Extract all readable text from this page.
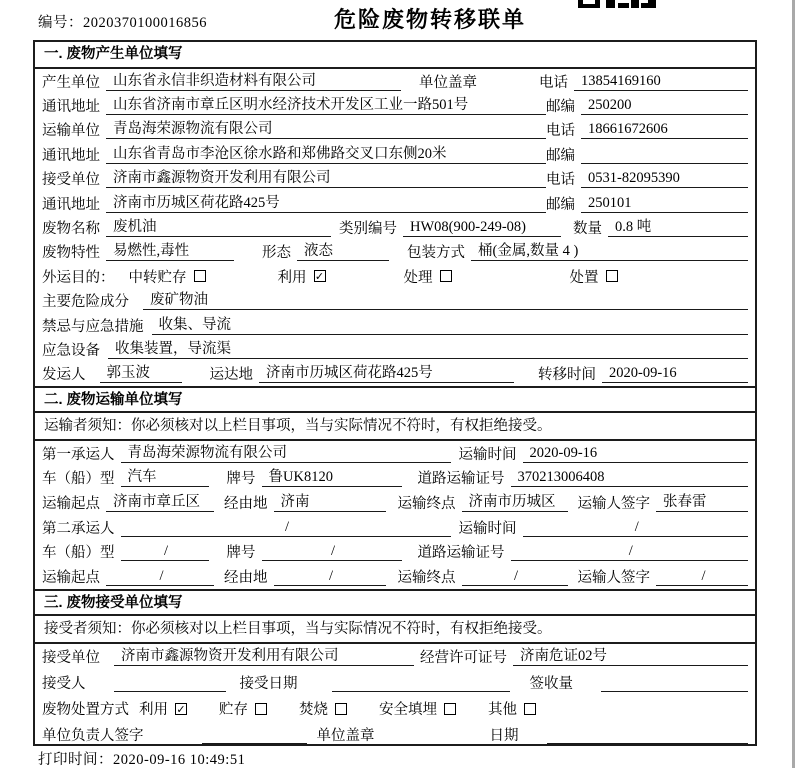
编号：2020370100016856	危险废物转移联单
一. 废物产生单位填写
产生单位 山东省永信非织造材料有限公司	单位盖章	电话 13854169160
通讯地址 山东省济南市章丘区明水经济技术开发区工业一路501号	邮编 250200
运输单位 青岛海荣源物流有限公司	电话 18661672606
通讯地址 山东省青岛市李沧区徐水路和郑佛路交叉口东侧20米	邮编
接受单位 济南市鑫源物资开发利用有限公司	电话 0531-82095390
通讯地址 济南市历城区荷花路425号	邮编 250101
废物名称 废机油	类别编号 HW08(900-249-08)	数量 0.8 吨
废物特性 易燃性,毒性	形态 液态	包装方式 桶(金属,数量 4 )
外运目的： 中转贮存	利用 ✓	处理	处置
主要危险成分	废矿物油
禁忌与应急措施	收集、导流
应急设备	收集装置，导流渠
发运人	郭玉波	运达地 济南市历城区荷花路425号	转移时间 2020-09-16
二. 废物运输单位填写
运输者须知：你必须核对以上栏目事项，当与实际情况不符时，有权拒绝接受。
第一承运人 青岛海荣源物流有限公司	运输时间 2020-09-16
车（船）型 汽车	牌号 鲁UK8120	道路运输证号 370213006408
运输起点 济南市章丘区	经由地 济南	运输终点 济南市历城区	运输人签字 张春雷
第二承运人	/	运输时间	/
车（船）型	/	牌号	/	道路运输证号	/
运输起点	/	经由地	/	运输终点	/	运输人签字	/
三. 废物接受单位填写
接受者须知：你必须核对以上栏目事项，当与实际情况不符时，有权拒绝接受。
接受单位	济南市鑫源物资开发利用有限公司	经营许可证号 济南危证02号
接受人	接受日期	签收量
废物处置方式 利用 ✓ 贮存	焚烧	安全填埋	其他
单位负责人签字	单位盖章	日期
打印时间：2020-09-16 10:49:51
